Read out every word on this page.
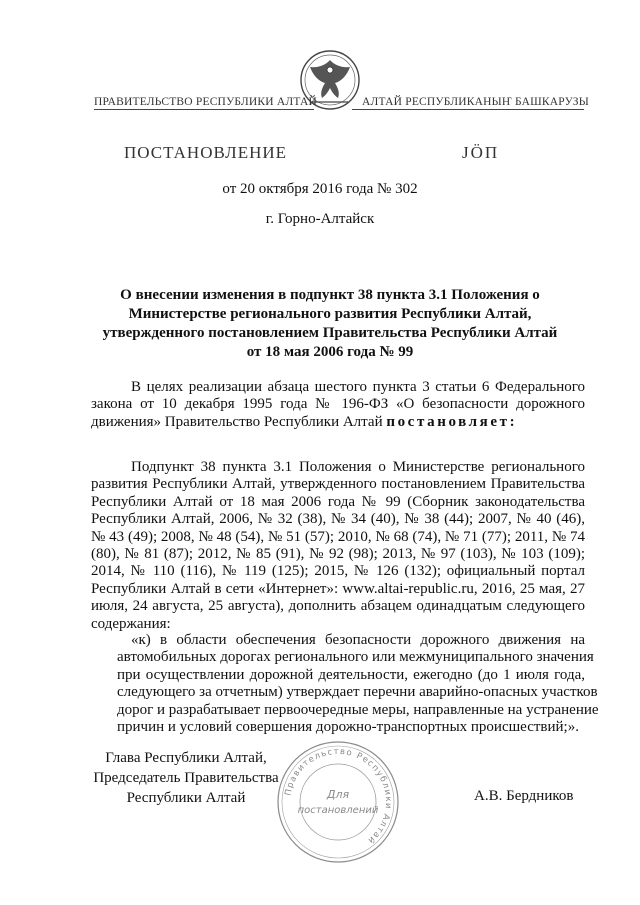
ПРАВИТЕЛЬСТВО РЕСПУБЛИКИ АЛТАЙ	АЛТАЙ РЕСПУБЛИКАНЫҤ БАШКАРУЗЫ
ПОСТАНОВЛЕНИЕ	JÖП
от 20 октября 2016 года № 302
г. Горно-Алтайск
О внесении изменения в подпункт 38 пункта 3.1 Положения о
Министерстве регионального развития Республики Алтай,
утвержденного постановлением Правительства Республики Алтай
от 18 мая 2006 года № 99
В целях реализации абзаца шестого пункта 3 статьи 6 Федерального
закона от 10 декабря 1995 года № 196-ФЗ «О безопасности дорожного
движения» Правительство Республики Алтай постановляет:
Подпункт 38 пункта 3.1 Положения о Министерстве регионального
развития Республики Алтай, утвержденного постановлением Правительства
Республики Алтай от 18 мая 2006 года № 99 (Сборник законодательства
Республики Алтай, 2006, № 32 (38), № 34 (40), № 38 (44); 2007, № 40 (46),
№ 43 (49); 2008, № 48 (54), № 51 (57); 2010, № 68 (74), № 71 (77); 2011, № 74
(80), № 81 (87); 2012, № 85 (91), № 92 (98); 2013, № 97 (103), № 103 (109);
2014, № 110 (116), № 119 (125); 2015, № 126 (132); официальный портал
Республики Алтай в сети «Интернет»: www.altai-republic.ru, 2016, 25 мая, 27
июля, 24 августа, 25 августа), дополнить абзацем одинадцатым следующего
содержания:
«к) в области обеспечения безопасности дорожного движения на
автомобильных дорогах регионального или межмуниципального значения
при осуществлении дорожной деятельности, ежегодно (до 1 июля года,
следующего за отчетным) утверждает перечни аварийно-опасных участков
дорог и разрабатывает первоочередные меры, направленные на устранение
причин и условий совершения дорожно-транспортных происшествий;».
Глава Республики Алтай,
Председатель Правительства
Республики Алтай	А.В. Бердников
Правительство Республики Алтай
Для
постановлений
